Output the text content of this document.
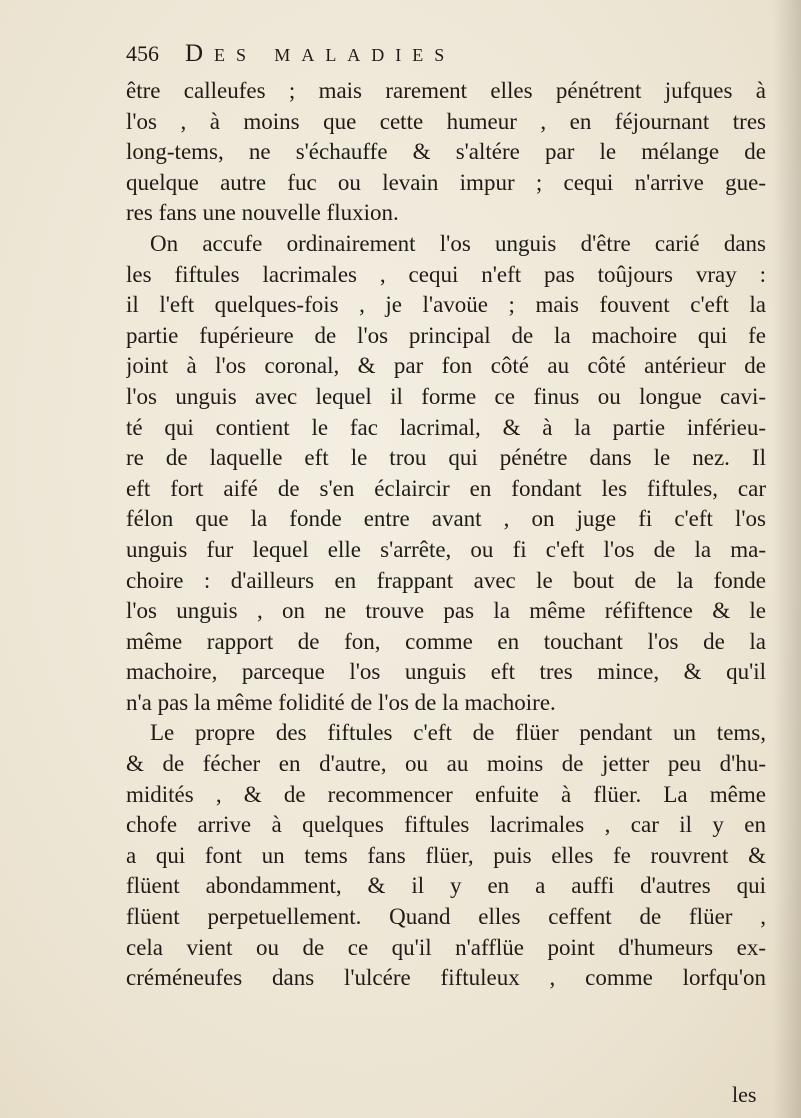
456 Des maladies
être calleufes ; mais rarement elles pénétrent jufques à
l'os , à moins que cette humeur , en féjournant tres
long-tems, ne s'échauffe & s'altére par le mélange de
quelque autre fuc ou levain impur ; cequi n'arrive gue-
res fans une nouvelle fluxion.
On accufe ordinairement l'os unguis d'être carié dans
les fiftules lacrimales , cequi n'eft pas toûjours vray :
il l'eft quelques-fois , je l'avoüe ; mais fouvent c'eft la
partie fupérieure de l'os principal de la machoire qui fe
joint à l'os coronal, & par fon côté au côté antérieur de
l'os unguis avec lequel il forme ce finus ou longue cavi-
té qui contient le fac lacrimal, & à la partie inférieu-
re de laquelle eft le trou qui pénétre dans le nez. Il
eft fort aifé de s'en éclaircir en fondant les fiftules, car
félon que la fonde entre avant , on juge fi c'eft l'os
unguis fur lequel elle s'arrête, ou fi c'eft l'os de la ma-
choire : d'ailleurs en frappant avec le bout de la fonde
l'os unguis , on ne trouve pas la même réfiftence & le
même rapport de fon, comme en touchant l'os de la
machoire, parceque l'os unguis eft tres mince, & qu'il
n'a pas la même folidité de l'os de la machoire.
Le propre des fiftules c'eft de flüer pendant un tems,
& de fécher en d'autre, ou au moins de jetter peu d'hu-
midités , & de recommencer enfuite à flüer. La même
chofe arrive à quelques fiftules lacrimales , car il y en
a qui font un tems fans flüer, puis elles fe rouvrent &
flüent abondamment, & il y en a auffi d'autres qui
flüent perpetuellement. Quand elles ceffent de flüer ,
cela vient ou de ce qu'il n'afflüe point d'humeurs ex-
créméneufes dans l'ulcére fiftuleux , comme lorfqu'on
les
